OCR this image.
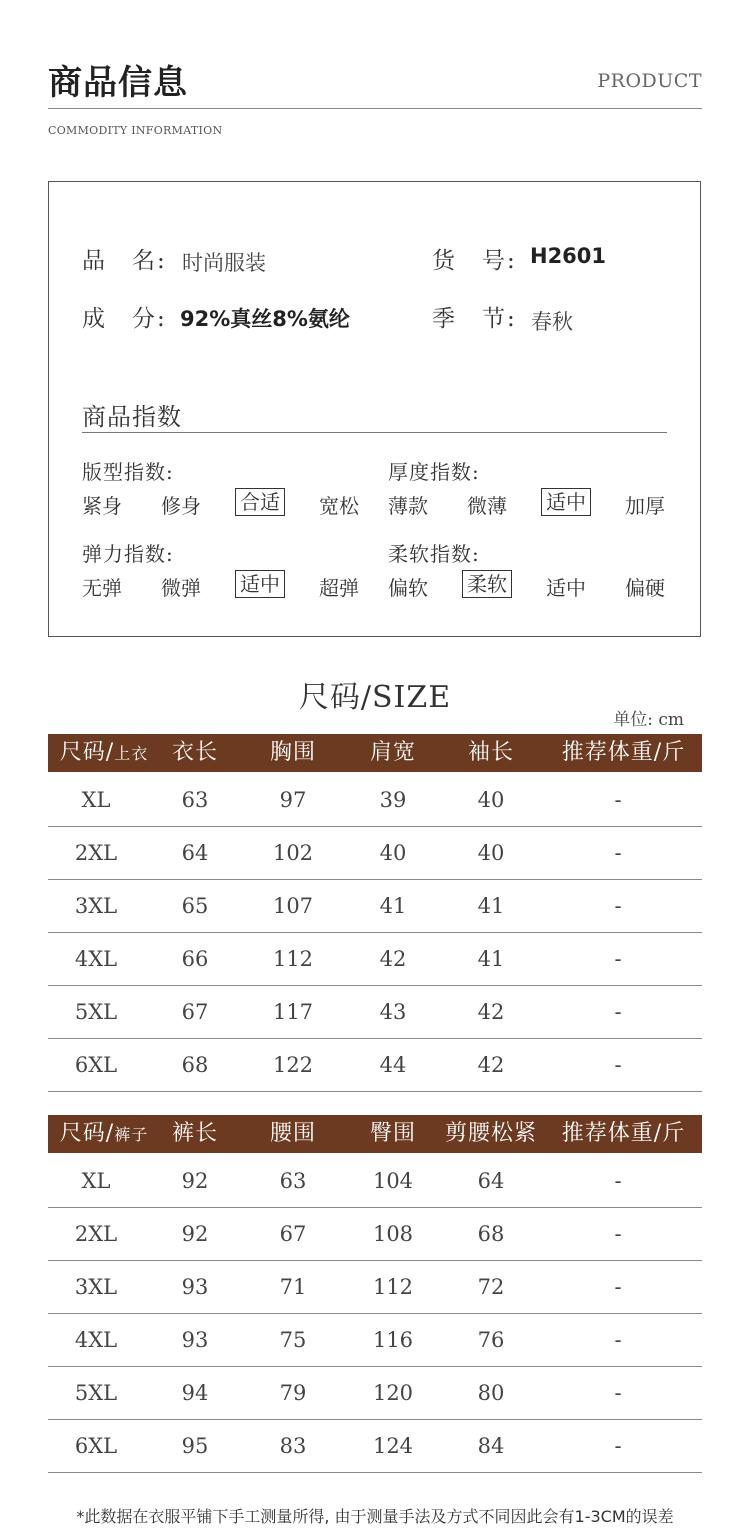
商品信息	PRODUCT
COMMODITY INFORMATION
品　名: 时尚服装	货　号: H2601
成　分: 92%真丝8%氨纶	季　节: 春秋
商品指数
版型指数:	厚度指数:
弹力指数:	柔软指数:
紧身 修身 合适 宽松 薄款 微薄 适中 加厚
无弹 微弹 适中 超弹 偏软 柔软 适中 偏硬
尺码/SIZE
单位: cm
尺码/上衣	衣长	胸围	肩宽	袖长	推荐体重/斤
XL	63	97	39	40	-
2XL	64	102	40	40	-
3XL	65	107	41	41	-
4XL	66	112	42	41	-
5XL	67	117	43	42	-
6XL	68	122	44	42	-
尺码/裤子	裤长	腰围	臀围	剪腰松紧	推荐体重/斤
XL	92	63	104	64	-
2XL	92	67	108	68	-
3XL	93	71	112	72	-
4XL	93	75	116	76	-
5XL	94	79	120	80	-
6XL	95	83	124	84	-
*此数据在衣服平铺下手工测量所得, 由于测量手法及方式不同因此会有1-3CM的误差
